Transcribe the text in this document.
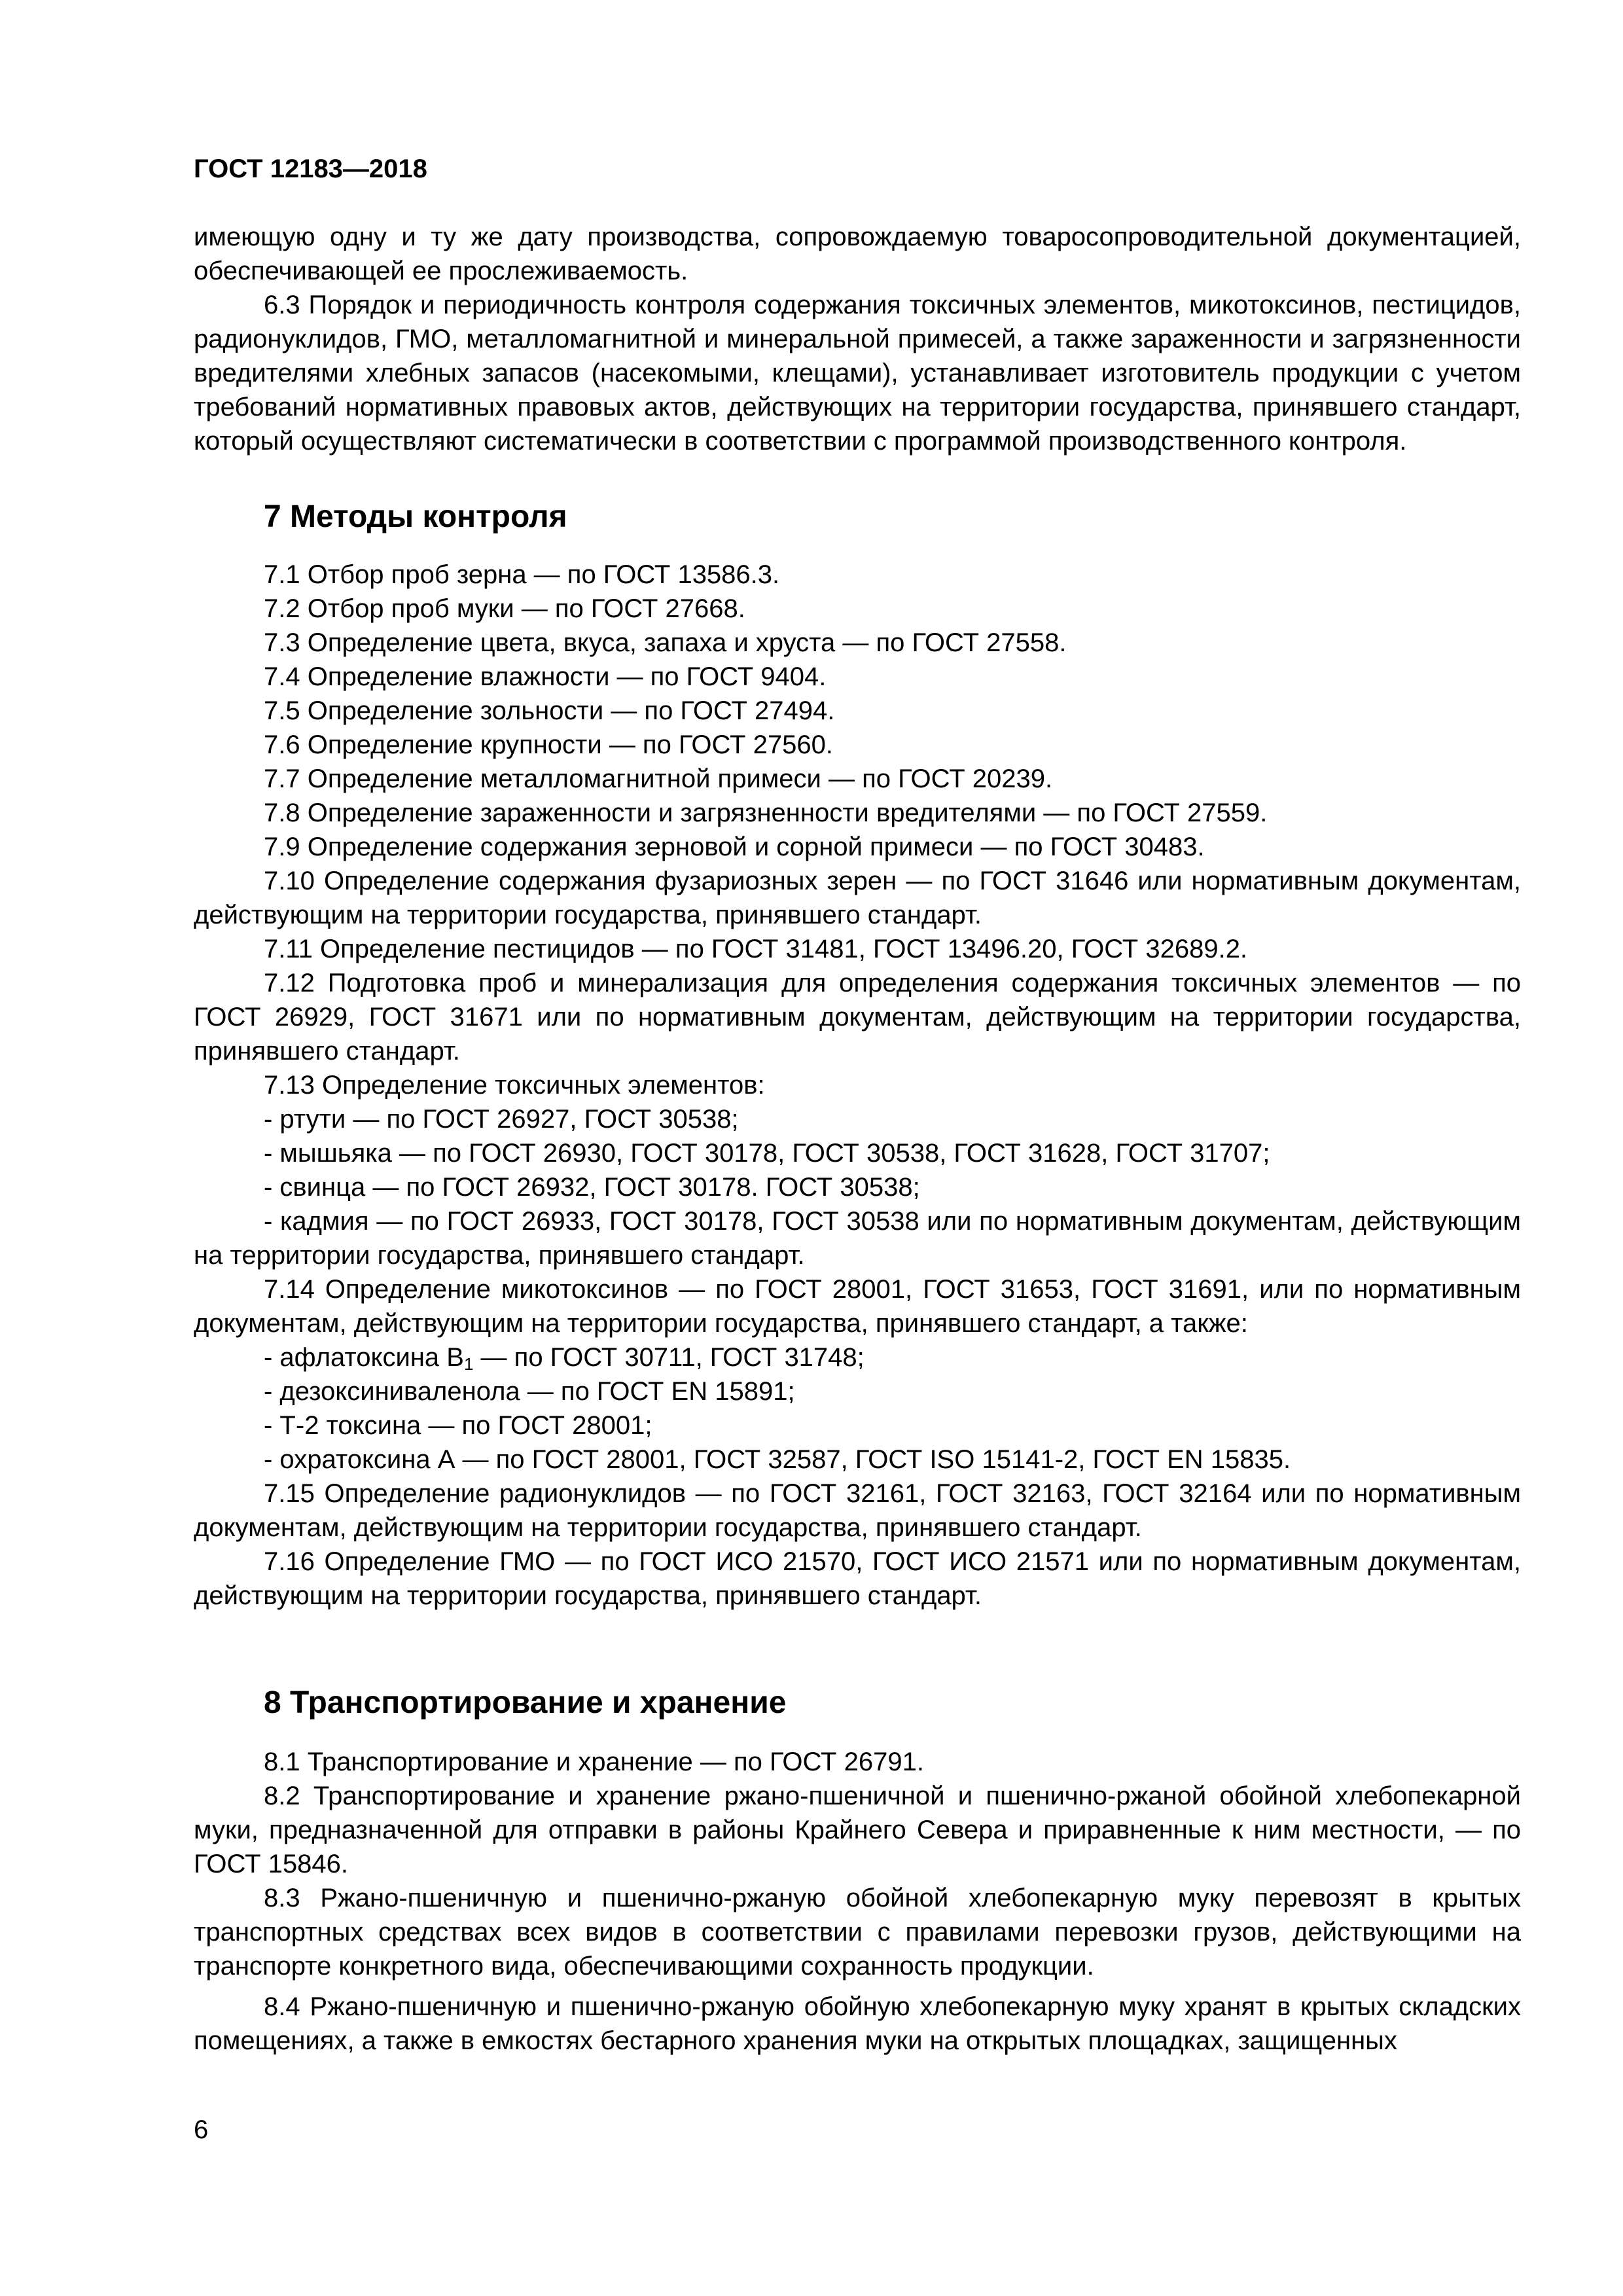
ГОСТ 12183—2018

имеющую одну и ту же дату производства, сопровождаемую товаросопроводительной документацией, обеспечивающей ее прослеживаемость.

6.3 Порядок и периодичность контроля содержания токсичных элементов, микотоксинов, пестицидов, радионуклидов, ГМО, металломагнитной и минеральной примесей, а также зараженности и загрязненности вредителями хлебных запасов (насекомыми, клещами), устанавливает изготовитель продукции с учетом требований нормативных правовых актов, действующих на территории государства, принявшего стандарт, который осуществляют систематически в соответствии с программой производственного контроля.

7 Методы контроля

7.1 Отбор проб зерна — по ГОСТ 13586.3.

7.2 Отбор проб муки — по ГОСТ 27668.

7.3 Определение цвета, вкуса, запаха и хруста — по ГОСТ 27558.

7.4 Определение влажности — по ГОСТ 9404.

7.5 Определение зольности — по ГОСТ 27494.

7.6 Определение крупности — по ГОСТ 27560.

7.7 Определение металломагнитной примеси — по ГОСТ 20239.

7.8 Определение зараженности и загрязненности вредителями — по ГОСТ 27559.

7.9 Определение содержания зерновой и сорной примеси — по ГОСТ 30483.

7.10 Определение содержания фузариозных зерен — по ГОСТ 31646 или нормативным документам, действующим на территории государства, принявшего стандарт.

7.11 Определение пестицидов — по ГОСТ 31481, ГОСТ 13496.20, ГОСТ 32689.2.

7.12 Подготовка проб и минерализация для определения содержания токсичных элементов — по ГОСТ 26929, ГОСТ 31671 или по нормативным документам, действующим на территории государства, принявшего стандарт.

7.13 Определение токсичных элементов:

- ртути — по ГОСТ 26927, ГОСТ 30538;

- мышьяка — по ГОСТ 26930, ГОСТ 30178, ГОСТ 30538, ГОСТ 31628, ГОСТ 31707;

- свинца — по ГОСТ 26932, ГОСТ 30178. ГОСТ 30538;

- кадмия — по ГОСТ 26933, ГОСТ 30178, ГОСТ 30538 или по нормативным документам, действующим на территории государства, принявшего стандарт.

7.14 Определение микотоксинов — по ГОСТ 28001, ГОСТ 31653, ГОСТ 31691, или по нормативным документам, действующим на территории государства, принявшего стандарт, а также:

- афлатоксина $B_1$ — по ГОСТ 30711, ГОСТ 31748;

- дезоксиниваленола — по ГОСТ EN 15891;

- Т-2 токсина — по ГОСТ 28001;

- охратоксина А — по ГОСТ 28001, ГОСТ 32587, ГОСТ ISO 15141-2, ГОСТ EN 15835.

7.15 Определение радионуклидов — по ГОСТ 32161, ГОСТ 32163, ГОСТ 32164 или по нормативным документам, действующим на территории государства, принявшего стандарт.

7.16 Определение ГМО — по ГОСТ ИСО 21570, ГОСТ ИСО 21571 или по нормативным документам, действующим на территории государства, принявшего стандарт.

8 Транспортирование и хранение

8.1 Транспортирование и хранение — по ГОСТ 26791.

8.2 Транспортирование и хранение ржано-пшеничной и пшенично-ржаной обойной хлебопекарной муки, предназначенной для отправки в районы Крайнего Севера и приравненные к ним местности, — по ГОСТ 15846.

8.3 Ржано-пшеничную и пшенично-ржаную обойной хлебопекарную муку перевозят в крытых транспортных средствах всех видов в соответствии с правилами перевозки грузов, действующими на транспорте конкретного вида, обеспечивающими сохранность продукции.

8.4 Ржано-пшеничную и пшенично-ржаную обойную хлебопекарную муку хранят в крытых складских помещениях, а также в емкостях бестарного хранения муки на открытых площадках, защищенных

6
